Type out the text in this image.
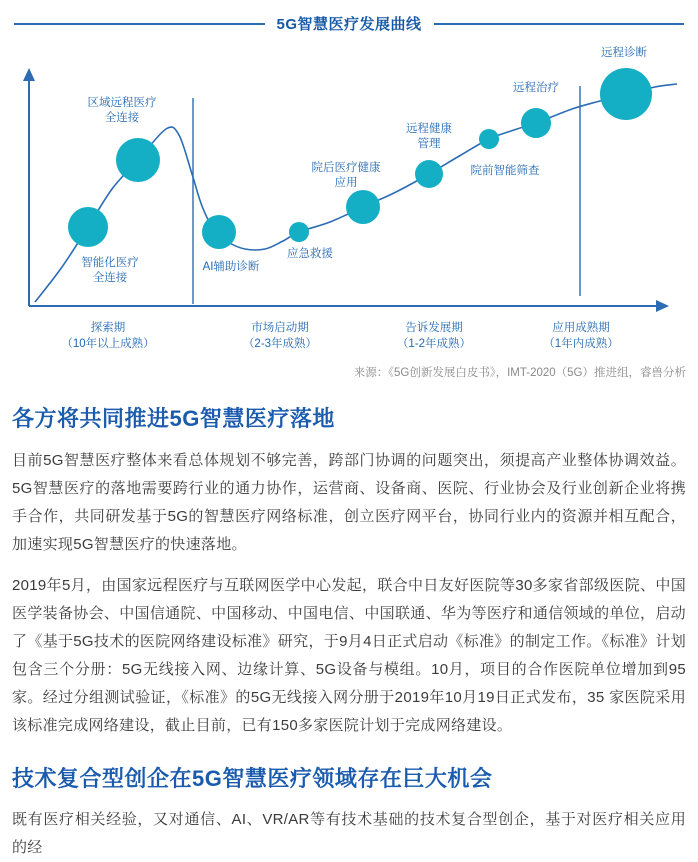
5G智慧医疗发展曲线
智能化医疗全连接
区域远程医疗全连接
AI辅助诊断
应急救援
院后医疗健康应用
远程健康管理
院前智能筛查
远程治疗
远程诊断
探索期
（10年以上成熟）
市场启动期
（2-3年成熟）
告诉发展期
（1-2年成熟）
应用成熟期
（1年内成熟）
来源：《5G创新发展白皮书》，IMT-2020（5G）推进组，睿兽分析
各方将共同推进5G智慧医疗落地

目前5G智慧医疗整体来看总体规划不够完善，跨部门协调的问题突出，须提高产业整体协调效益。5G智慧医疗的落地需要跨行业的通力协作，运营商、设备商、医院、行业协会及行业创新企业将携手合作，共同研发基于5G的智慧医疗网络标准，创立医疗网平台，协同行业内的资源并相互配合，加速实现5G智慧医疗的快速落地。

2019年5月，由国家远程医疗与互联网医学中心发起，联合中日友好医院等30多家省部级医院、中国医学装备协会、中国信通院、中国移动、中国电信、中国联通、华为等医疗和通信领域的单位，启动了《基于5G技术的医院网络建设标准》研究，于9月4日正式启动《标准》的制定工作。《标准》计划包含三个分册：5G无线接入网、边缘计算、5G设备与模组。10月，项目的合作医院单位增加到95家。经过分组测试验证，《标准》的5G无线接入网分册于2019年10月19日正式发布，35 家医院采用该标准完成网络建设，截止目前，已有150多家医院计划于完成网络建设。

技术复合型创企在5G智慧医疗领域存在巨大机会

既有医疗相关经验，又对通信、AI、VR/AR等有技术基础的技术复合型创企，基于对医疗相关应用的经
